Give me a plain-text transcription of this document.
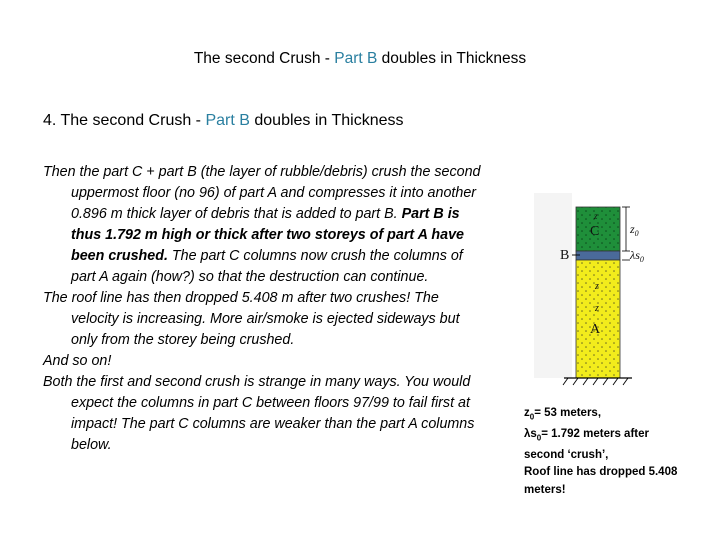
The second Crush - Part B doubles in Thickness
4. The second Crush - Part B doubles in Thickness

Then the part C + part B (the layer of rubble/debris) crush the second uppermost floor (no 96) of part A and compresses it into another 0.896 m thick layer of debris that is added to part B. Part B is thus 1.792 m high or thick after two storeys of part A have been crushed. The part C columns now crush the columns of part A again (how?) so that the destruction can continue.

The roof line has then dropped 5.408 m after two crushes! The velocity is increasing. More air/smoke is ejected sideways but only from the storey being crushed.

And so on!

Both the first and second crush is strange in many ways. You would expect the columns in part C between floors 97/99 to fail first at impact! The part C columns are weaker than the part A columns below.

C
B
z
z
z
A
$z_0$
$\lambda s_0$

$z_0= 53$ meters,

$\lambda s_0= 1.792$ meters after

second ‘crush’,

Roof line has dropped 5.408 meters!
